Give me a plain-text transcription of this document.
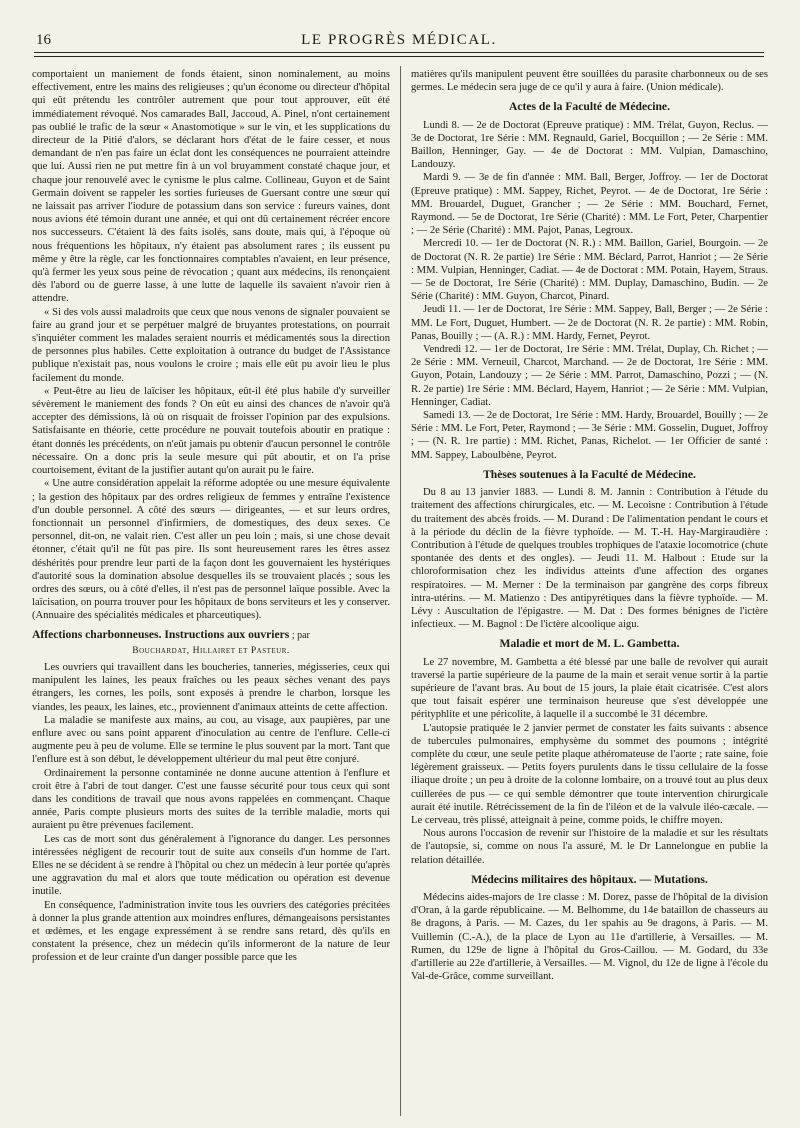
16	LE PROGRÈS MÉDICAL.

comportaient un maniement de fonds étaient, sinon nominalement, au moins effectivement, entre les mains des religieuses ; qu'un économe ou directeur d'hôpital qui eût prétendu les contrôler autrement que pour tout approuver, eût été immédiatement révoqué. Nos camarades Ball, Jaccoud, A. Pinel, n'ont certainement pas oublié le trafic de la sœur « Anastomotique » sur le vin, et les supplications du directeur de la Pitié d'alors, se déclarant hors d'état de le faire cesser, et nous demandant de n'en pas faire un éclat dont les conséquences ne pourraient atteindre que lui. Aussi rien ne put mettre fin à un vol bruyamment constaté chaque jour, et chaque jour renouvelé avec le cynisme le plus calme. Collineau, Guyon et de Saint Germain doivent se rappeler les sorties furieuses de Guersant contre une sœur qui ne laissait pas arriver l'iodure de potassium dans son service : fureurs vaines, dont nous avions été témoin durant une année, et qui ont dû certainement récréer encore nos successeurs. C'étaient là des faits isolés, sans doute, mais qui, à l'époque où nous fréquentions les hôpitaux, n'y étaient pas absolument rares ; ils eussent pu même y être la règle, car les fonctionnaires comptables n'avaient, en leur présence, qu'à fermer les yeux sous peine de révocation ; quant aux médecins, ils renonçaient dès l'abord ou de guerre lasse, à une lutte de laquelle ils savaient n'avoir rien à attendre.

« Si des vols aussi maladroits que ceux que nous venons de signaler pouvaient se faire au grand jour et se perpétuer malgré de bruyantes protestations, on pourrait s'inquiéter comment les malades seraient nourris et médicamentés sous la direction de personnes plus habiles. Cette exploitation à outrance du budget de l'Assistance publique n'existait pas, nous voulons le croire ; mais elle eût pu avoir lieu le plus facilement du monde.

« Peut-être au lieu de laïciser les hôpitaux, eût-il été plus habile d'y surveiller sévèrement le maniement des fonds ? On eût eu ainsi des chances de n'avoir qu'à accepter des démissions, là où on risquait de froisser l'opinion par des expulsions. Satisfaisante en théorie, cette procédure ne pouvait toutefois aboutir en pratique : étant donnés les précédents, on n'eût jamais pu obtenir d'aucun personnel le contrôle nécessaire. On a donc pris la seule mesure qui pût aboutir, et on l'a prise courtoisement, évitant de la justifier autant qu'on aurait pu le faire.

« Une autre considération appelait la réforme adoptée ou une mesure équivalente ; la gestion des hôpitaux par des ordres religieux de femmes y entraîne l'existence d'un double personnel. A côté des sœurs — dirigeantes, — et sur leurs ordres, fonctionnait un personnel d'infirmiers, de domestiques, des deux sexes. Ce personnel, dit-on, ne valait rien. C'est aller un peu loin ; mais, si une chose devait étonner, c'était qu'il ne fût pas pire. Ils sont heureusement rares les êtres assez déshérités pour prendre leur parti de la façon dont les gouvernaient les hystériques d'autorité sous la domination absolue desquelles ils se trouvaient placés ; sous les ordres des sœurs, ou à côté d'elles, il n'est pas de personnel laïque possible. Avec la laïcisation, on pourra trouver pour les hôpitaux de bons serviteurs et les y conserver. (Annuaire des spécialités médicales et pharceutiques).

Affections charbonneuses. Instructions aux ouvriers ; par
Bouchardat, Hillairet et Pasteur.

Les ouvriers qui travaillent dans les boucheries, tanneries, mégisseries, ceux qui manipulent les laines, les peaux fraîches ou les peaux sèches venant des pays étrangers, les cornes, les poils, sont exposés à prendre le charbon, lorsque les viandes, les peaux, les laines, etc., proviennent d'animaux atteints de cette affection.

La maladie se manifeste aux mains, au cou, au visage, aux paupières, par une enflure avec ou sans point apparent d'inoculation au centre de l'enflure. Celle-ci augmente peu à peu de volume. Elle se termine le plus souvent par la mort. Tant que l'enflure est à son début, le développement ultérieur du mal peut être conjuré.

Ordinairement la personne contaminée ne donne aucune attention à l'enflure et croit être à l'abri de tout danger. C'est une fausse sécurité pour tous ceux qui sont dans les conditions de travail que nous avons rappelées en commençant. Chaque année, Paris compte plusieurs morts des suites de la terrible maladie, morts qui auraient pu être prévenues facilement.

Les cas de mort sont dus généralement à l'ignorance du danger. Les personnes intéressées négligent de recourir tout de suite aux conseils d'un homme de l'art. Elles ne se décident à se rendre à l'hôpital ou chez un médecin à leur portée qu'après une aggravation du mal et alors que toute médication ou opération est devenue inutile.

En conséquence, l'administration invite tous les ouvriers des catégories précitées à donner la plus grande attention aux moindres enflures, démangeaisons persistantes et œdèmes, et les engage expressément à se rendre sans retard, dès qu'ils en constatent la présence, chez un médecin qu'ils informeront de la nature de leur profession et de leur crainte d'un danger possible parce que les

matières qu'ils manipulent peuvent être souillées du parasite charbonneux ou de ses germes. Le médecin sera juge de ce qu'il y aura à faire. (Union médicale).

Actes de la Faculté de Médecine.

Lundi 8. — 2e de Doctorat (Epreuve pratique) : MM. Trélat, Guyon, Reclus. — 3e de Doctorat, 1re Série : MM. Regnauld, Gariel, Bocquillon ; — 2e Série : MM. Baillon, Henninger, Gay. — 4e de Doctorat : MM. Vulpian, Damaschino, Landouzy.

Mardi 9. — 3e de fin d'année : MM. Ball, Berger, Joffroy. — 1er de Doctorat (Epreuve pratique) : MM. Sappey, Richet, Peyrot. — 4e de Doctorat, 1re Série : MM. Brouardel, Duguet, Grancher ; — 2e Série : MM. Bouchard, Fernet, Raymond. — 5e de Doctorat, 1re Série (Charité) : MM. Le Fort, Peter, Charpentier ; — 2e Série (Charité) : MM. Pajot, Panas, Legroux.

Mercredi 10. — 1er de Doctorat (N. R.) : MM. Baillon, Gariel, Bourgoin. — 2e de Doctorat (N. R. 2e partie) 1re Série : MM. Béclard, Parrot, Hanriot ; — 2e Série : MM. Vulpian, Henninger, Cadiat. — 4e de Doctorat : MM. Potain, Hayem, Straus. — 5e de Doctorat, 1re Série (Charité) : MM. Duplay, Damaschino, Budin. — 2e Série (Charité) : MM. Guyon, Charcot, Pinard.

Jeudi 11. — 1er de Doctorat, 1re Série : MM. Sappey, Ball, Berger ; — 2e Série : MM. Le Fort, Duguet, Humbert. — 2e de Doctorat (N. R. 2e partie) : MM. Robin, Panas, Bouilly ; — (A. R.) : MM. Hardy, Fernet, Peyrot.

Vendredi 12. — 1er de Doctorat, 1re Série : MM. Trélat, Duplay, Ch. Richet ; — 2e Série : MM. Verneuil, Charcot, Marchand. — 2e de Doctorat, 1re Série : MM. Guyon, Potain, Landouzy ; — 2e Série : MM. Parrot, Damaschino, Pozzi ; — (N. R. 2e partie) 1re Série : MM. Béclard, Hayem, Hanriot ; — 2e Série : MM. Vulpian, Henninger, Cadiat.

Samedi 13. — 2e de Doctorat, 1re Série : MM. Hardy, Brouardel, Bouilly ; — 2e Série : MM. Le Fort, Peter, Raymond ; — 3e Série : MM. Gosselin, Duguet, Joffroy ; — (N. R. 1re partie) : MM. Richet, Panas, Richelot. — 1er Officier de santé : MM. Sappey, Laboulbène, Peyrot.

Thèses soutenues à la Faculté de Médecine.

Du 8 au 13 janvier 1883. — Lundi 8. M. Jannin : Contribution à l'étude du traitement des affections chirurgicales, etc. — M. Lecoisne : Contribution à l'étude du traitement des abcès froids. — M. Durand : De l'alimentation pendant le cours et à la période du déclin de la fièvre typhoïde. — M. T.-H. Hay-Margiraudière : Contribution à l'étude de quelques troubles trophiques de l'ataxie locomotrice (chute spontanée des dents et des ongles). — Jeudi 11. M. Halbout : Etude sur la chloroformisation chez les individus atteints d'une affection des organes respiratoires. — M. Merner : De la terminaison par gangrène des corps fibreux intra-utérins. — M. Matienzo : Des antipyrétiques dans la fièvre typhoïde. — M. Lévy : Auscultation de l'épigastre. — M. Dat : Des formes bénignes de l'ictère infectieux. — M. Bagnol : De l'ictère alcoolique aigu.

Maladie et mort de M. L. Gambetta.

Le 27 novembre, M. Gambetta a été blessé par une balle de revolver qui aurait traversé la partie supérieure de la paume de la main et serait venue sortir à la partie supérieure de l'avant bras. Au bout de 15 jours, la plaie était cicatrisée. C'est alors que tout faisait espérer une terminaison heureuse que s'est développée une pérityphlite et une péricolite, à laquelle il a succombé le 31 décembre.

L'autopsie pratiquée le 2 janvier permet de constater les faits suivants : absence de tubercules pulmonaires, emphysème du sommet des poumons ; intégrité complète du cœur, une seule petite plaque athéromateuse de l'aorte ; rate saine, foie légèrement graisseux. — Petits foyers purulents dans le tissu cellulaire de la fosse iliaque droite ; un peu à droite de la colonne lombaire, on a trouvé tout au plus deux cuillerées de pus — ce qui semble démontrer que toute intervention chirurgicale aurait été inutile. Rétrécissement de la fin de l'iléon et de la valvule iléo-cæcale. — Le cerveau, très plissé, atteignait à peine, comme poids, le chiffre moyen.

Nous aurons l'occasion de revenir sur l'histoire de la maladie et sur les résultats de l'autopsie, si, comme on nous l'a assuré, M. le Dr Lannelongue en publie la relation détaillée.

Médecins militaires des hôpitaux. — Mutations.

Médecins aides-majors de 1re classe : M. Dorez, passe de l'hôpital de la division d'Oran, à la garde républicaine. — M. Belhomme, du 14e bataillon de chasseurs au 8e dragons, à Paris. — M. Cazes, du 1er spahis au 9e dragons, à Paris. — M. Vuillemin (C.-A.), de la place de Lyon au 11e d'artillerie, à Versailles. — M. Rumen, du 129e de ligne à l'hôpital du Gros-Caillou. — M. Godard, du 33e d'artillerie au 22e d'artillerie, à Versailles. — M. Vignol, du 12e de ligne à l'école du Val-de-Grâce, comme surveillant.
